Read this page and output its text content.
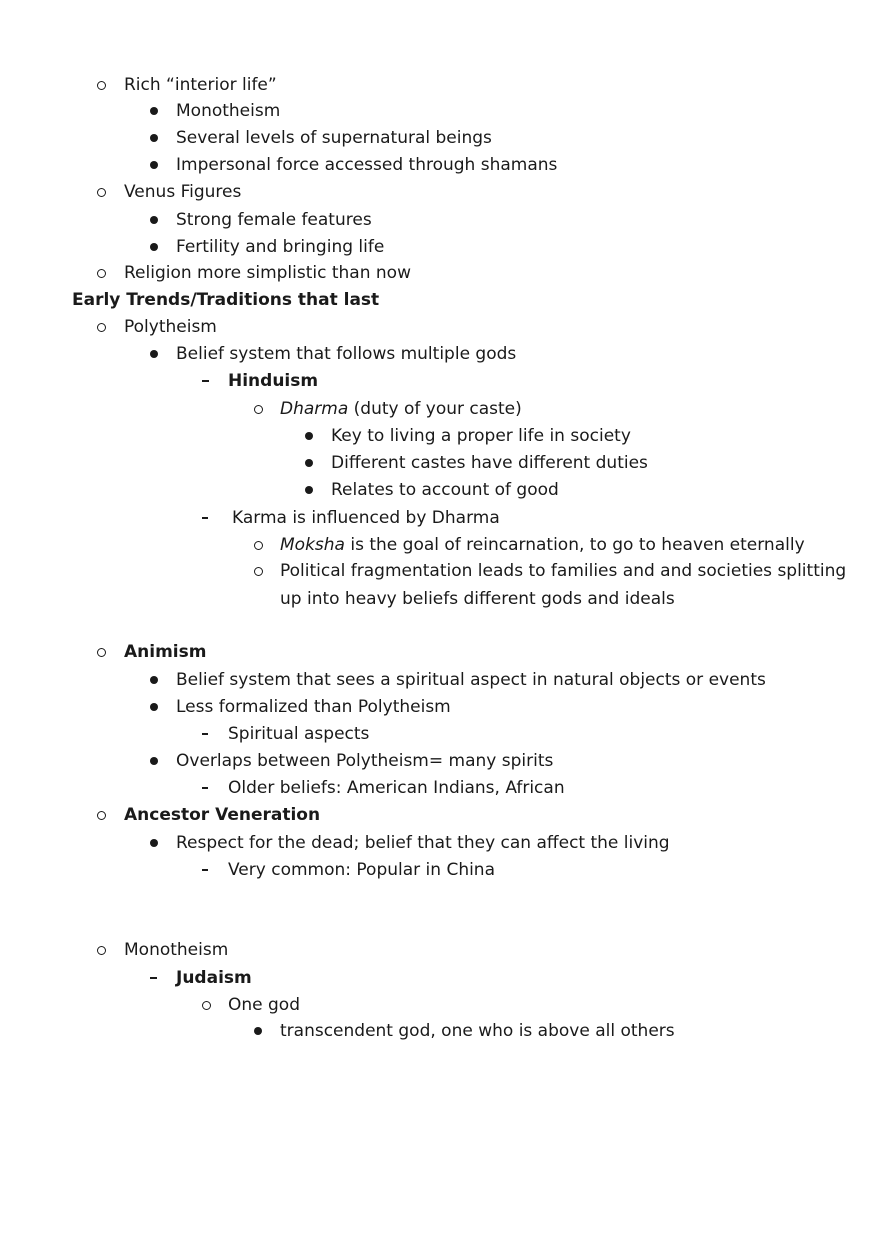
Rich “interior life”
Monotheism
Several levels of supernatural beings
Impersonal force accessed through shamans
Venus Figures
Strong female features
Fertility and bringing life
Religion more simplistic than now
Early Trends/Traditions that last
Polytheism
Belief system that follows multiple gods
Hinduism
Dharma (duty of your caste)
Key to living a proper life in society
Different castes have different duties
Relates to account of good
Karma is influenced by Dharma
Moksha is the goal of reincarnation, to go to heaven eternally
Political fragmentation leads to families and and societies splitting
up into heavy beliefs different gods and ideals
Animism
Belief system that sees a spiritual aspect in natural objects or events
Less formalized than Polytheism
Spiritual aspects
Overlaps between Polytheism= many spirits
Older beliefs: American Indians, African
Ancestor Veneration
Respect for the dead; belief that they can affect the living
Very common: Popular in China
Monotheism
Judaism
One god
transcendent god, one who is above all others
